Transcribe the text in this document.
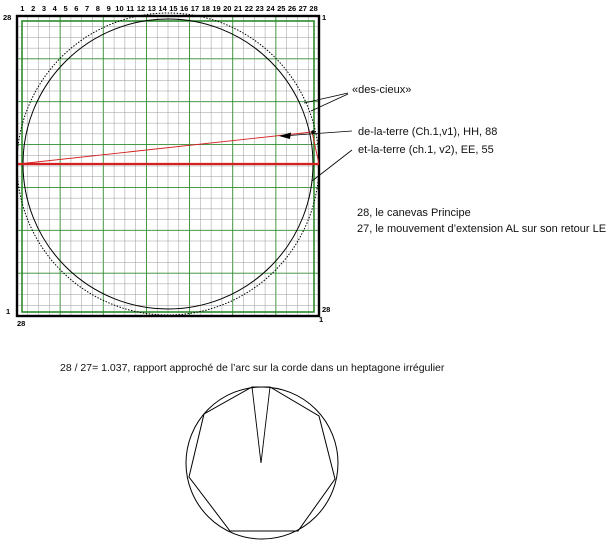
1 2 3 4 5 6 7 8 9 10 11 12 13 14 15 16 17 18 19 20 21 22 23 24 25 26 27 28
1
28
28
1
1
28
«des-cieux»
de-la-terre (Ch.1,v1), HH, 88
et-la-terre (ch.1, v2), EE, 55
28, le canevas Principe
27, le mouvement d’extension AL sur son retour LE
28 / 27= 1.037, rapport approché de l’arc sur la corde dans un heptagone irrégulier
